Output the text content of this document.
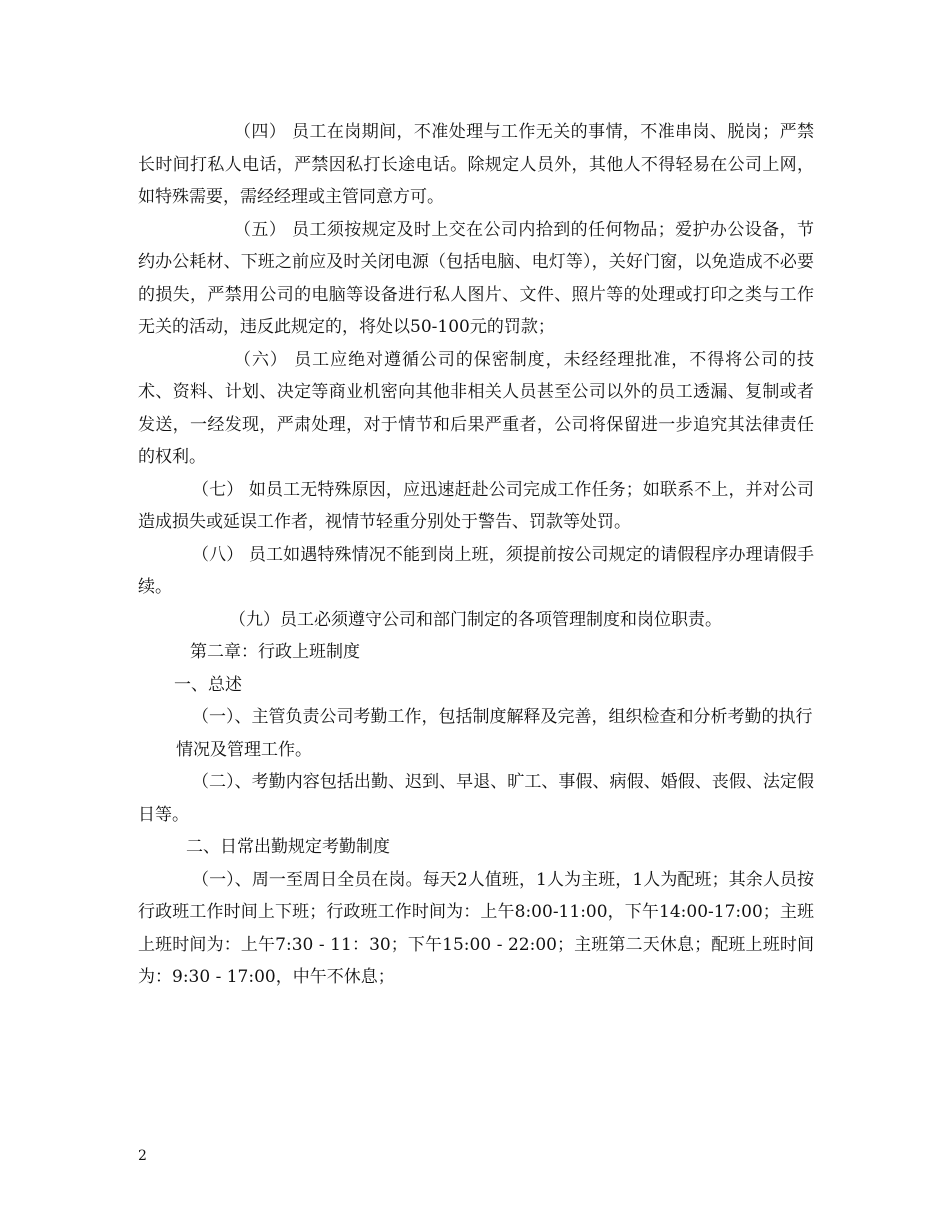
（四） 员工在岗期间，不准处理与工作无关的事情，不准串岗、脱岗；严禁长时间打私人电话，严禁因私打长途电话。除规定人员外，其他人不得轻易在公司上网，如特殊需要，需经经理或主管同意方可。

（五） 员工须按规定及时上交在公司内拾到的任何物品；爱护办公设备，节约办公耗材、下班之前应及时关闭电源（包括电脑、电灯等），关好门窗，以免造成不必要的损失，严禁用公司的电脑等设备进行私人图片、文件、照片等的处理或打印之类与工作无关的活动，违反此规定的，将处以50-100元的罚款；

（六） 员工应绝对遵循公司的保密制度，未经经理批准，不得将公司的技术、资料、计划、决定等商业机密向其他非相关人员甚至公司以外的员工透漏、复制或者发送，一经发现，严肃处理，对于情节和后果严重者，公司将保留进一步追究其法律责任的权利。

（七） 如员工无特殊原因，应迅速赶赴公司完成工作任务；如联系不上，并对公司造成损失或延误工作者，视情节轻重分别处于警告、罚款等处罚。

（八） 员工如遇特殊情况不能到岗上班，须提前按公司规定的请假程序办理请假手续。

（九）员工必须遵守公司和部门制定的各项管理制度和岗位职责。

第二章：行政上班制度

一、总述

（一）、主管负责公司考勤工作，包括制度解释及完善，组织检查和分析考勤的执行

情况及管理工作。

（二）、考勤内容包括出勤、迟到、早退、旷工、事假、病假、婚假、丧假、法定假日等。

二、日常出勤规定考勤制度

（一）、周一至周日全员在岗。每天2人值班，1人为主班，1人为配班；其余人员按行政班工作时间上下班；行政班工作时间为：上午8:00-11:00，下午14:00-17:00；主班上班时间为：上午7:30 - 11：30；下午15:00 - 22:00；主班第二天休息；配班上班时间为：9:30 - 17:00，中午不休息；

2
